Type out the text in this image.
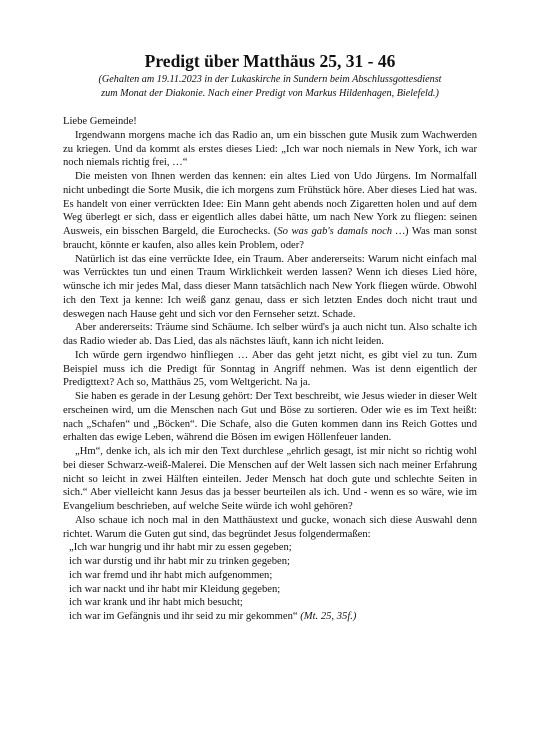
Predigt über Matthäus 25, 31 - 46
(Gehalten am 19.11.2023 in der Lukaskirche in Sundern beim Abschlussgottesdienst
zum Monat der Diakonie. Nach einer Predigt von Markus Hildenhagen, Bielefeld.)

Liebe Gemeinde!

Irgendwann morgens mache ich das Radio an, um ein bisschen gute Musik zum Wachwerden zu kriegen. Und da kommt als erstes dieses Lied: „Ich war noch niemals in New York, ich war noch niemals richtig frei, …“

Die meisten von Ihnen werden das kennen: ein altes Lied von Udo Jürgens. Im Normalfall nicht unbedingt die Sorte Musik, die ich morgens zum Frühstück höre. Aber dieses Lied hat was. Es handelt von einer verrückten Idee: Ein Mann geht abends noch Zigaretten holen und auf dem Weg überlegt er sich, dass er eigentlich alles dabei hätte, um nach New York zu fliegen: seinen Ausweis, ein bisschen Bargeld, die Eurochecks. (So was gab's damals noch …) Was man sonst braucht, könnte er kaufen, also alles kein Problem, oder?

Natürlich ist das eine verrückte Idee, ein Traum. Aber andererseits: Warum nicht einfach mal was Verrücktes tun und einen Traum Wirklichkeit werden lassen? Wenn ich dieses Lied höre, wünsche ich mir jedes Mal, dass dieser Mann tatsächlich nach New York fliegen würde. Obwohl ich den Text ja kenne: Ich weiß ganz genau, dass er sich letzten Endes doch nicht traut und deswegen nach Hause geht und sich vor den Fernseher setzt. Schade.

Aber andererseits: Träume sind Schäume. Ich selber würd's ja auch nicht tun. Also schalte ich das Radio wieder ab. Das Lied, das als nächstes läuft, kann ich nicht leiden.

Ich würde gern irgendwo hinfliegen … Aber das geht jetzt nicht, es gibt viel zu tun. Zum Beispiel muss ich die Predigt für Sonntag in Angriff nehmen. Was ist denn eigentlich der Predigttext? Ach so, Matthäus 25, vom Weltgericht. Na ja.

Sie haben es gerade in der Lesung gehört: Der Text beschreibt, wie Jesus wieder in dieser Welt erscheinen wird, um die Menschen nach Gut und Böse zu sortieren. Oder wie es im Text heißt: nach „Schafen“ und „Böcken“. Die Schafe, also die Guten kommen dann ins Reich Gottes und erhalten das ewige Leben, während die Bösen im ewigen Höllenfeuer landen.

„Hm“, denke ich, als ich mir den Text durchlese „ehrlich gesagt, ist mir nicht so richtig wohl bei dieser Schwarz-weiß-Malerei. Die Menschen auf der Welt lassen sich nach meiner Erfahrung nicht so leicht in zwei Hälften einteilen. Jeder Mensch hat doch gute und schlechte Seiten in sich.“ Aber vielleicht kann Jesus das ja besser beurteilen als ich. Und - wenn es so wäre, wie im Evangelium beschrieben, auf welche Seite würde ich wohl gehören?

Also schaue ich noch mal in den Matthäustext und gucke, wonach sich diese Auswahl denn richtet. Warum die Guten gut sind, das begründet Jesus folgendermaßen:

„Ich war hungrig und ihr habt mir zu essen gegeben;

ich war durstig und ihr habt mir zu trinken gegeben;

ich war fremd und ihr habt mich aufgenommen;

ich war nackt und ihr habt mir Kleidung gegeben;

ich war krank und ihr habt mich besucht;

ich war im Gefängnis und ihr seid zu mir gekommen“ (Mt. 25, 35f.)
